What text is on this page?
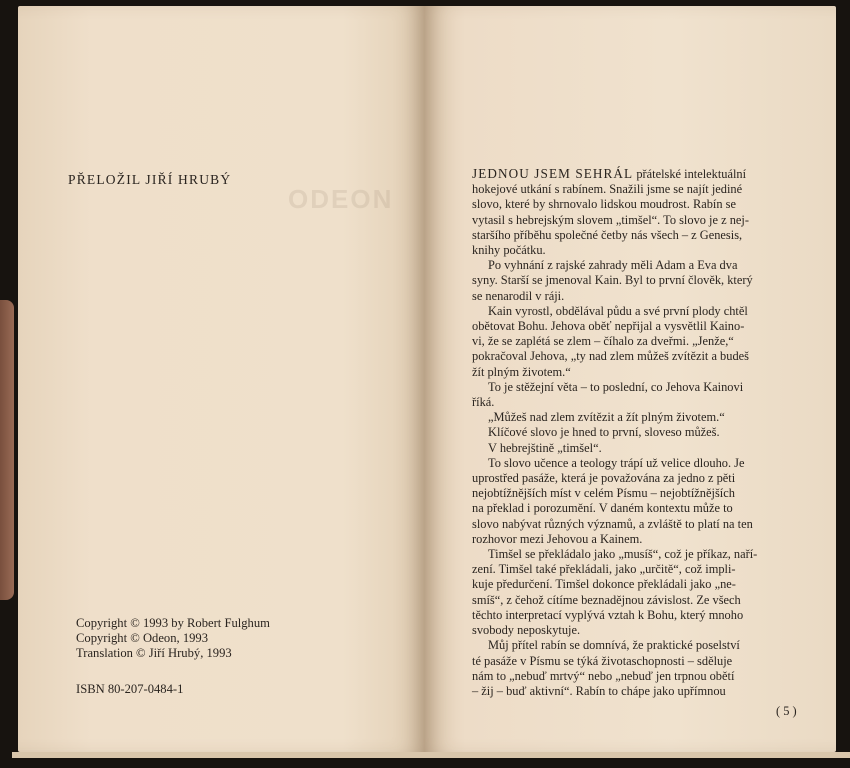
ODEON
PŘELOŽIL JIŘÍ HRUBÝ
Copyright © 1993 by Robert Fulghum
Copyright © Odeon, 1993
Translation © Jiří Hrubý, 1993
ISBN 80-207-0484-1
JEDNOU JSEM SEHRÁL přátelské intelektuální
hokejové utkání s rabínem. Snažili jsme se najít jediné
slovo, které by shrnovalo lidskou moudrost. Rabín se
vytasil s hebrejským slovem „timšel“. To slovo je z nej-
staršího příběhu společné četby nás všech – z Genesis,
knihy počátku.
Po vyhnání z rajské zahrady měli Adam a Eva dva
syny. Starší se jmenoval Kain. Byl to první člověk, který
se nenarodil v ráji.
Kain vyrostl, obdělával půdu a své první plody chtěl
obětovat Bohu. Jehova oběť nepřijal a vysvětlil Kaino-
vi, že se zaplétá se zlem – číhalo za dveřmi. „Jenže,“
pokračoval Jehova, „ty nad zlem můžeš zvítězit a budeš
žít plným životem.“
To je stěžejní věta – to poslední, co Jehova Kainovi
říká.
„Můžeš nad zlem zvítězit a žít plným životem.“
Klíčové slovo je hned to první, sloveso můžeš.
V hebrejštině „timšel“.
To slovo učence a teology trápí už velice dlouho. Je
uprostřed pasáže, která je považována za jedno z pěti
nejobtížnějších míst v celém Písmu – nejobtížnějších
na překlad i porozumění. V daném kontextu může to
slovo nabývat různých významů, a zvláště to platí na ten
rozhovor mezi Jehovou a Kainem.
Timšel se překládalo jako „musíš“, což je příkaz, naří-
zení. Timšel také překládali, jako „určitě“, což impli-
kuje předurčení. Timšel dokonce překládali jako „ne-
smíš“, z čehož cítíme beznadějnou závislost. Ze všech
těchto interpretací vyplývá vztah k Bohu, který mnoho
svobody neposkytuje.
Můj přítel rabín se domnívá, že praktické poselství
té pasáže v Písmu se týká životaschopnosti – sděluje
nám to „nebuď mrtvý“ nebo „nebuď jen trpnou obětí
– žij – buď aktivní“. Rabín to chápe jako upřímnou
( 5 )
